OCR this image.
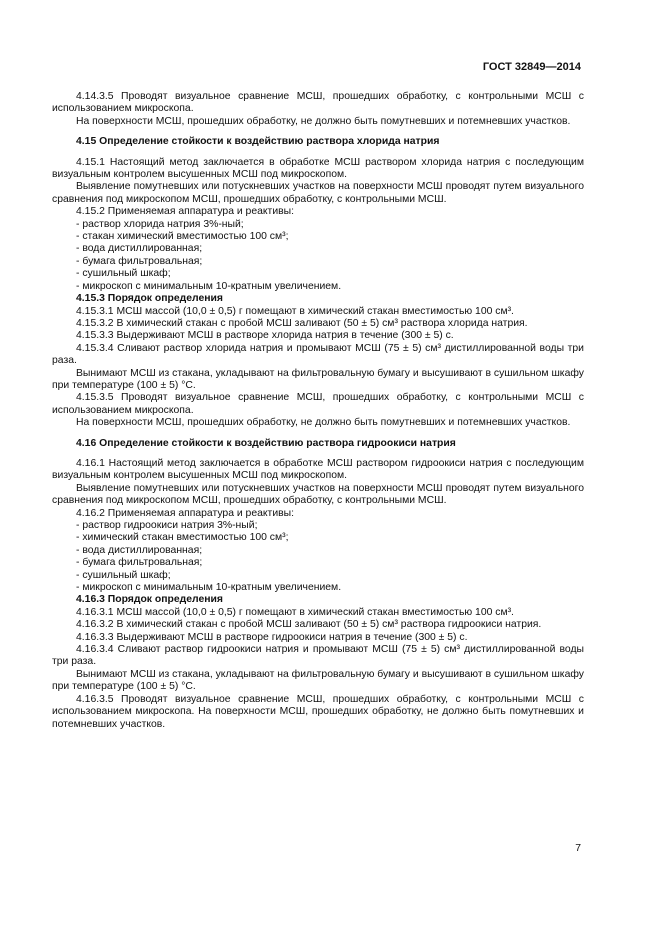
ГОСТ 32849—2014

4.14.3.5 Проводят визуальное сравнение МСШ, прошедших обработку, с контрольными МСШ с использованием микроскопа.

На поверхности МСШ, прошедших обработку, не должно быть помутневших и потемневших участков.

4.15 Определение стойкости к воздействию раствора хлорида натрия

4.15.1 Настоящий метод заключается в обработке МСШ раствором хлорида натрия с последующим визуальным контролем высушенных МСШ под микроскопом.

Выявление помутневших или потускневших участков на поверхности МСШ проводят путем визуального сравнения под микроскопом МСШ, прошедших обработку, с контрольными МСШ.

4.15.2 Применяемая аппаратура и реактивы:

- раствор хлорида натрия 3%-ный;

- стакан химический вместимостью 100 см³;

- вода дистиллированная;

- бумага фильтровальная;

- сушильный шкаф;

- микроскоп с минимальным 10-кратным увеличением.

4.15.3 Порядок определения

4.15.3.1 МСШ массой (10,0 ± 0,5) г помещают в химический стакан вместимостью 100 см³.

4.15.3.2 В химический стакан с пробой МСШ заливают (50 ± 5) см³ раствора хлорида натрия.

4.15.3.3 Выдерживают МСШ в растворе хлорида натрия в течение (300 ± 5) с.

4.15.3.4 Сливают раствор хлорида натрия и промывают МСШ (75 ± 5) см³ дистиллированной воды три раза.

Вынимают МСШ из стакана, укладывают на фильтровальную бумагу и высушивают в сушильном шкафу при температуре (100 ± 5) °С.

4.15.3.5 Проводят визуальное сравнение МСШ, прошедших обработку, с контрольными МСШ с использованием микроскопа.

На поверхности МСШ, прошедших обработку, не должно быть помутневших и потемневших участков.

4.16 Определение стойкости к воздействию раствора гидроокиси натрия

4.16.1 Настоящий метод заключается в обработке МСШ раствором гидроокиси натрия с последующим визуальным контролем высушенных МСШ под микроскопом.

Выявление помутневших или потускневших участков на поверхности МСШ проводят путем визуального сравнения под микроскопом МСШ, прошедших обработку, с контрольными МСШ.

4.16.2 Применяемая аппаратура и реактивы:

- раствор гидроокиси натрия 3%-ный;

- химический стакан вместимостью 100 см³;

- вода дистиллированная;

- бумага фильтровальная;

- сушильный шкаф;

- микроскоп с минимальным 10-кратным увеличением.

4.16.3 Порядок определения

4.16.3.1 МСШ массой (10,0 ± 0,5) г помещают в химический стакан вместимостью 100 см³.

4.16.3.2 В химический стакан с пробой МСШ заливают (50 ± 5) см³ раствора гидроокиси натрия.

4.16.3.3 Выдерживают МСШ в растворе гидроокиси натрия в течение (300 ± 5) с.

4.16.3.4 Сливают раствор гидроокиси натрия и промывают МСШ (75 ± 5) см³ дистиллированной воды три раза.

Вынимают МСШ из стакана, укладывают на фильтровальную бумагу и высушивают в сушильном шкафу при температуре (100 ± 5) °С.

4.16.3.5 Проводят визуальное сравнение МСШ, прошедших обработку, с контрольными МСШ с использованием микроскопа. На поверхности МСШ, прошедших обработку, не должно быть помутневших и потемневших участков.

7
